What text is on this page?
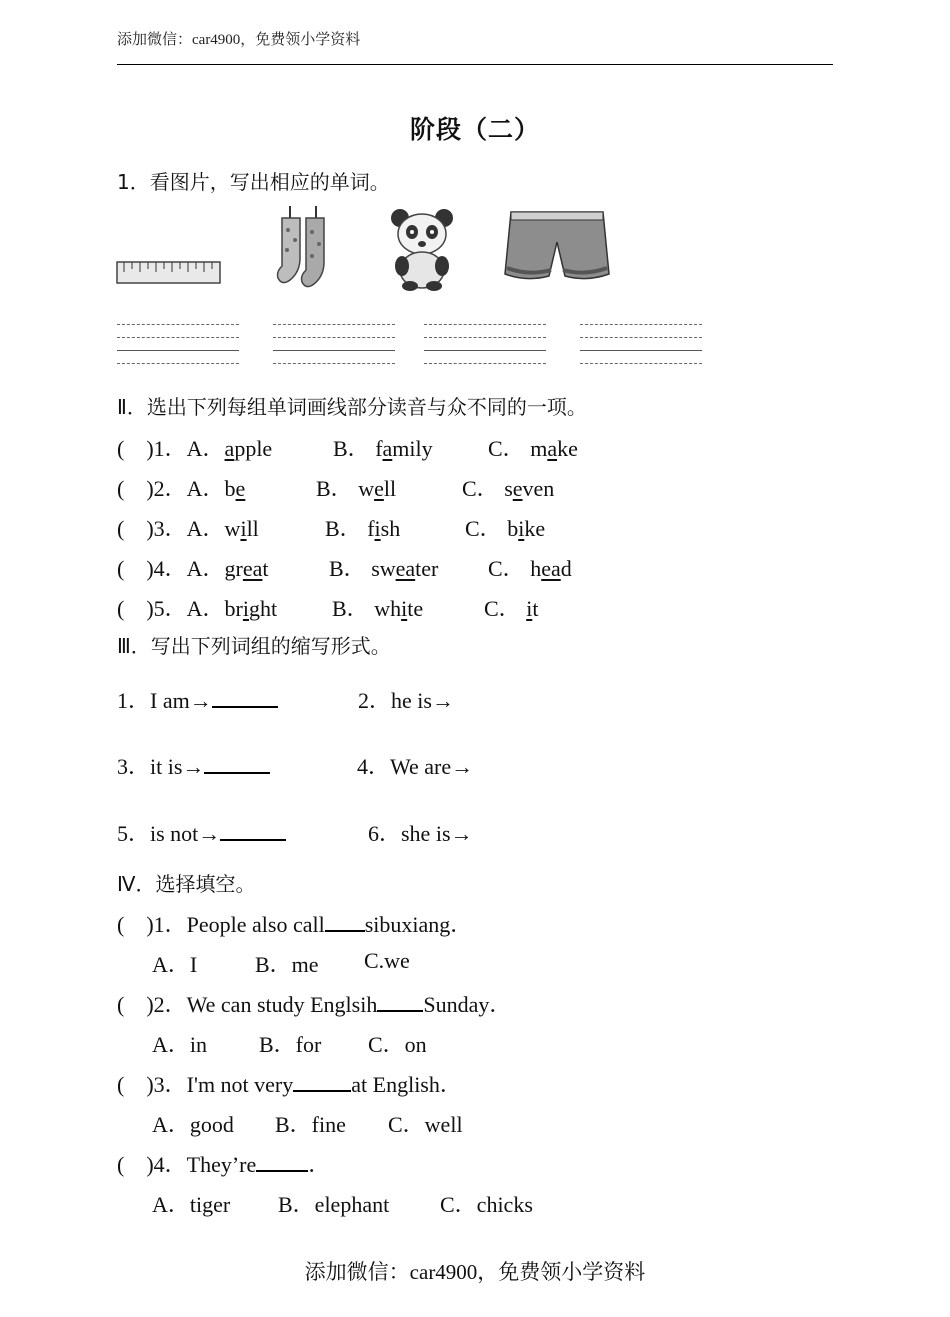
添加微信：car4900，免费领小学资料
阶段（二）
1．看图片，写出相应的单词。
Ⅱ．选出下列每组单词画线部分读音与众不同的一项。
(　)1．A．apple	B． family	C． make
(　)2．A．be	B． well	C． seven
(　)3．A．will	B． fish	C． bike
(　)4．A．great	B． sweater C． head
(　)5．A．bright B． white	C． it
Ⅲ．写出下列词组的缩写形式。
1．I am→	2．he is→
3．it is→	4．We are→
5．is not→	6．she is→
Ⅳ．选择填空。
(　)1．People also call sibuxiang．
A．I	B．me C.we
(　)2．We can study Englsih Sunday．
A．in B．for C．on
(　)3．I'm not very	at English．
A．good B．fine C．well
(　)4．They’re ．
A．tiger B．elephant C．chicks
添加微信：car4900，免费领小学资料
